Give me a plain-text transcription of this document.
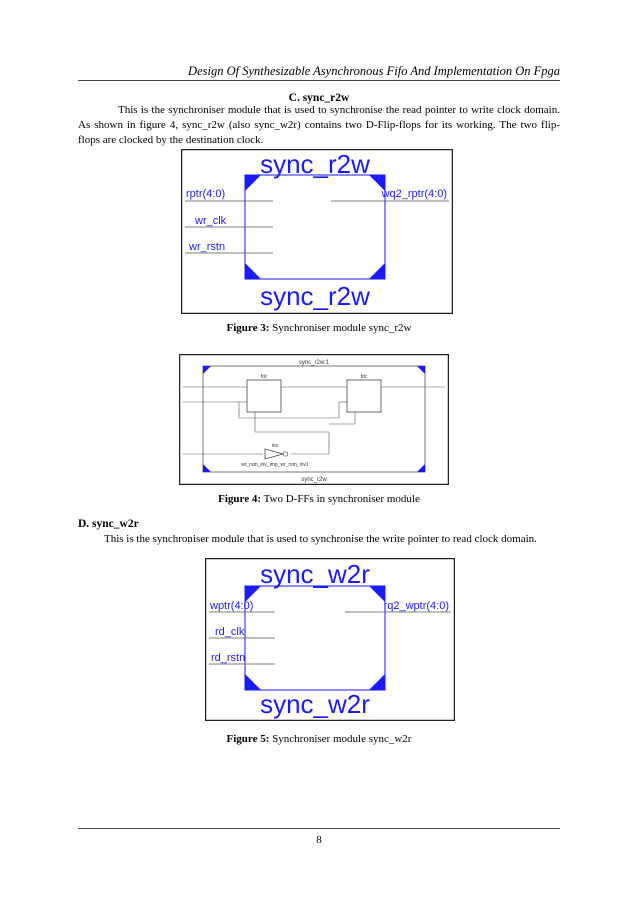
Design Of Synthesizable Asynchronous Fifo And Implementation On Fpga
C. sync_r2w
This is the synchroniser module that is used to synchronise the read pointer to write clock domain. As shown in figure 4, sync_r2w (also sync_w2r) contains two D-Flip-flops for its working. The two flip-flops are clocked by the destination clock.
sync_r2w
sync_r2w
rptr(4:0)
wr_clk
wr_rstn
wq2_rptr(4:0)
Figure 3: Synchroniser module sync_r2w
sync_r2w:1
sync_r2w
fdc	fdc
inv
wr_rstn_inv_imp_wr_rstn_inv1
Figure 4: Two D-FFs in synchroniser module
D. sync_w2r
This is the synchroniser module that is used to synchronise the write pointer to read clock domain.
sync_w2r
sync_w2r
wptr(4:0)
rd_clk
rd_rstn
rq2_wptr(4:0)
Figure 5: Synchroniser module sync_w2r
8
